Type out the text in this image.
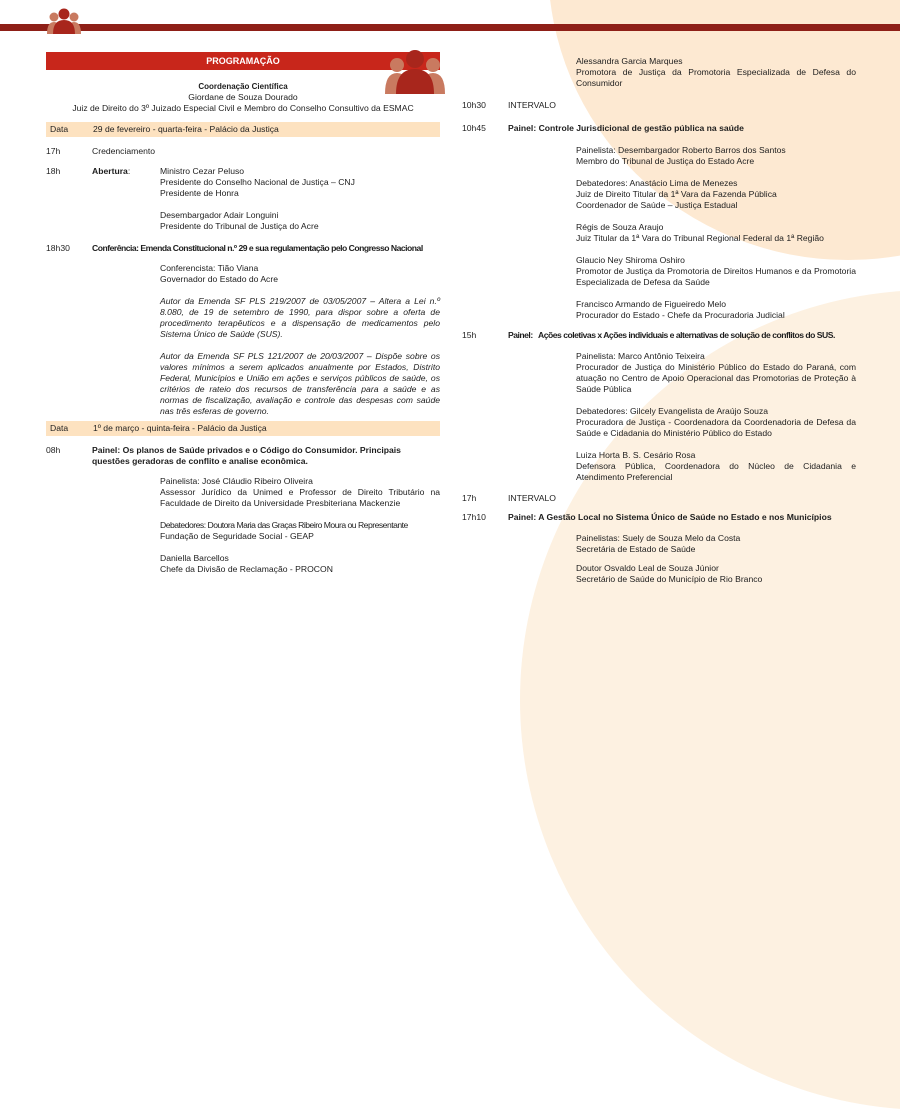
PROGRAMAÇÃO
Coordenação Científica
Giordane de Souza Dourado
Juiz de Direito do 3º Juizado Especial Civil e Membro do Conselho Consultivo da ESMAC
Data	29 de fevereiro - quarta-feira - Palácio da Justiça
17h	Credenciamento
18h	Abertura:	Ministro Cezar Peluso
Presidente do Conselho Nacional de Justiça – CNJ
Presidente de Honra
Desembargador Adair Longuini
Presidente do Tribunal de Justiça do Acre
18h30	Conferência: Emenda Constitucional n.º 29 e sua regulamentação pelo Congresso Nacional
Conferencista: Tião Viana
Governador do Estado do Acre
Autor da Emenda SF PLS 219/2007 de 03/05/2007 – Altera a Lei n.º 8.080, de 19 de setembro de 1990, para dispor sobre a oferta de procedimento terapêuticos e a dispensação de medicamentos pelo Sistema Único de Saúde (SUS).
Autor da Emenda SF PLS 121/2007 de 20/03/2007 – Dispõe sobre os valores mínimos a serem aplicados anualmente por Estados, Distrito Federal, Municípios e União em ações e serviços públicos de saúde, os critérios de rateio dos recursos de transferência para a saúde e as normas de fiscalização, avaliação e controle das despesas com saúde nas três esferas de governo.
Data	1º de março - quinta-feira - Palácio da Justiça
08h	Painel: Os planos de Saúde privados e o Código do Consumidor. Principais questões geradoras de conflito e analise econômica.
Painelista: José Cláudio Ribeiro Oliveira
Assessor Jurídico da Unimed e Professor de Direito Tributário na Faculdade de Direito da Universidade Presbiteriana Mackenzie
Debatedores: Doutora Maria das Graças Ribeiro Moura ou Representante
Fundação de Seguridade Social - GEAP
Daniella Barcellos
Chefe da Divisão de Reclamação - PROCON
Alessandra Garcia Marques
Promotora de Justiça da Promotoria Especializada de Defesa do Consumidor
10h30	INTERVALO
10h45	Painel: Controle Jurisdicional de gestão pública na saúde
Painelista: Desembargador Roberto Barros dos Santos
Membro do Tribunal de Justiça do Estado Acre
Debatedores: Anastácio Lima de Menezes
Juiz de Direito Titular da 1ª Vara da Fazenda Pública
Coordenador de Saúde – Justiça Estadual
Régis de Souza Araujo
Juiz Titular da 1ª Vara do Tribunal Regional Federal da 1ª Região
Glaucio Ney Shiroma Oshiro
Promotor de Justiça da Promotoria de Direitos Humanos e da Promotoria Especializada de Defesa da Saúde
Francisco Armando de Figueiredo Melo
Procurador do Estado - Chefe da Procuradoria Judicial
15h	Painel:   Ações coletivas x Ações individuais e alternativas de solução de conflitos do SUS.
Painelista: Marco Antônio Teixeira
Procurador de Justiça do Ministério Público do Estado do Paraná, com atuação no Centro de Apoio Operacional das Promotorias de Proteção à Saúde Pública
Debatedores: Gilcely Evangelista de Araújo Souza
Procuradora de Justiça - Coordenadora da Coordenadoria de Defesa da Saúde e Cidadania do Ministério Público do Estado
Luiza Horta B. S. Cesário Rosa
Defensora Pública, Coordenadora do Núcleo de Cidadania e Atendimento Preferencial
17h	INTERVALO
17h10	Painel: A Gestão Local no Sistema Único de Saúde no Estado e nos Municípios
Painelistas: Suely de Souza Melo da Costa
Secretária de Estado de Saúde
Doutor Osvaldo Leal de Souza Júnior
Secretário de Saúde do Município de Rio Branco
